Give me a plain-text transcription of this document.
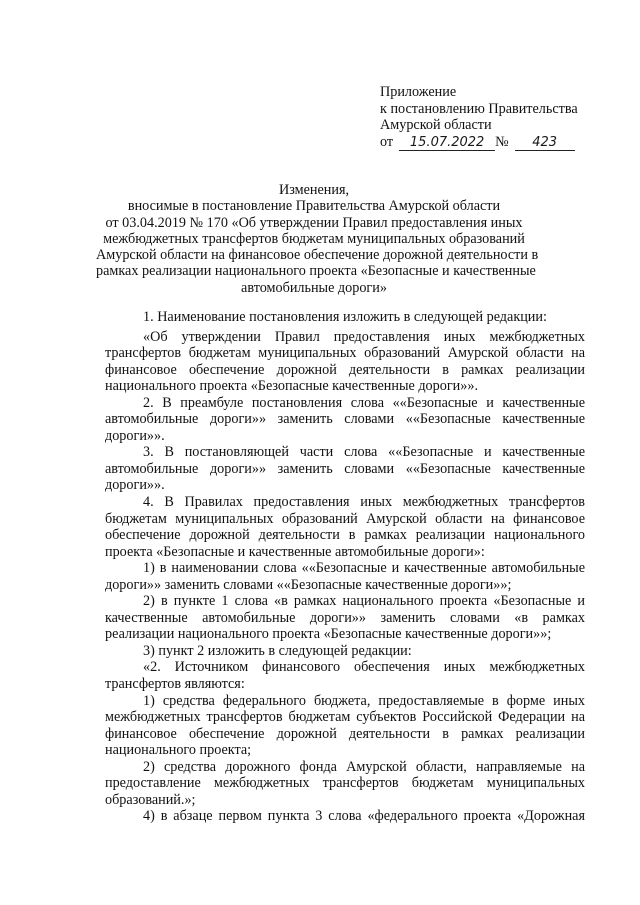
Приложение
к постановлению Правительства
Амурской области
от	15.07.2022 №	423
Изменения,
вносимые в постановление Правительства Амурской области
от 03.04.2019 № 170 «Об утверждении Правил предоставления иных
межбюджетных трансфертов бюджетам муниципальных образований
Амурской области на финансовое обеспечение дорожной деятельности в
рамках реализации национального проекта «Безопасные и качественные
автомобильные дороги»
1. Наименование постановления изложить в следующей редакции:
«Об утверждении Правил предоставления иных межбюджетных
трансфертов бюджетам муниципальных образований Амурской области на
финансовое обеспечение дорожной деятельности в рамках реализации
национального проекта «Безопасные качественные дороги»».
2. В преамбуле постановления слова ««Безопасные и качественные
автомобильные дороги»» заменить словами ««Безопасные качественные
дороги»».
3. В постановляющей части слова ««Безопасные и качественные
автомобильные дороги»» заменить словами ««Безопасные качественные
дороги»».
4. В Правилах предоставления иных межбюджетных трансфертов
бюджетам муниципальных образований Амурской области на финансовое
обеспечение дорожной деятельности в рамках реализации национального
проекта «Безопасные и качественные автомобильные дороги»:
1) в наименовании слова ««Безопасные и качественные автомобильные
дороги»» заменить словами ««Безопасные качественные дороги»»;
2) в пункте 1 слова «в рамках национального проекта «Безопасные и
качественные автомобильные дороги»» заменить словами «в рамках
реализации национального проекта «Безопасные качественные дороги»»;
3) пункт 2 изложить в следующей редакции:
«2. Источником финансового обеспечения иных межбюджетных
трансфертов являются:
1) средства федерального бюджета, предоставляемые в форме иных
межбюджетных трансфертов бюджетам субъектов Российской Федерации на
финансовое обеспечение дорожной деятельности в рамках реализации
национального проекта;
2) средства дорожного фонда Амурской области, направляемые на
предоставление межбюджетных трансфертов бюджетам муниципальных
образований.»;
4) в абзаце первом пункта 3 слова «федерального проекта «Дорожная
